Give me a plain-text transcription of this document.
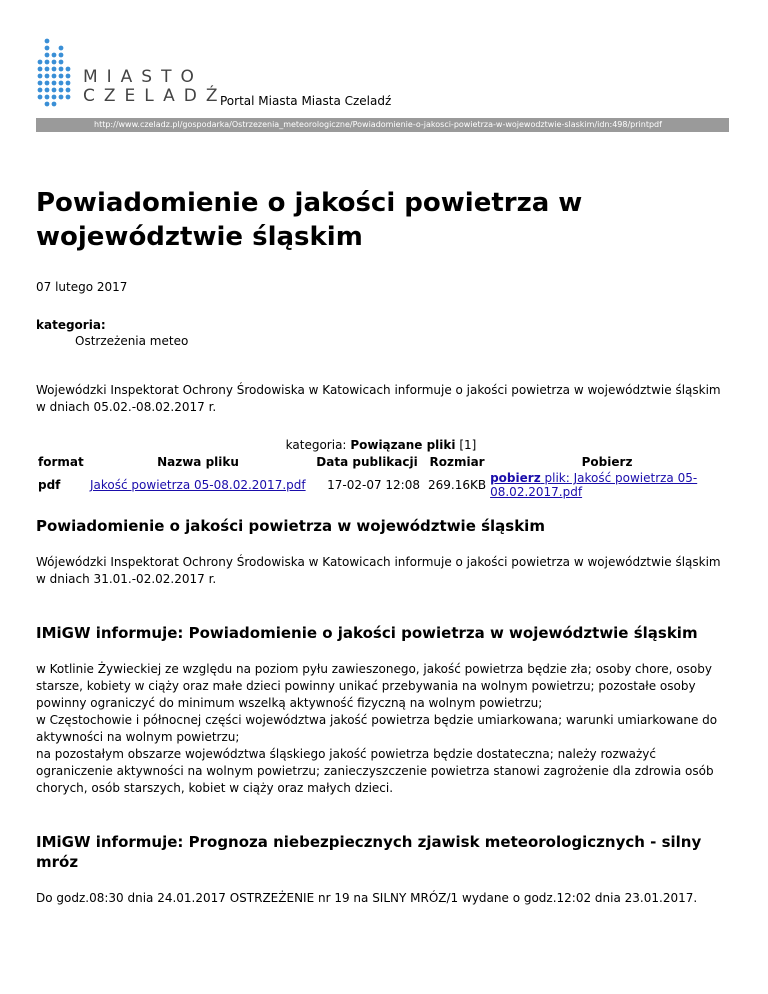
MIASTO
CZELADŹ
Portal Miasta Miasta Czeladź
http://www.czeladz.pl/gospodarka/Ostrzezenia_meteorologiczne/Powiadomienie-o-jakosci-powietrza-w-wojewodztwie-slaskim/idn:498/printpdf
Powiadomienie o jakości powietrza w województwie śląskim
07 lutego 2017
kategoria:
Ostrzeżenia meteo

Wojewódzki Inspektorat Ochrony Środowiska w Katowicach informuje o jakości powietrza w województwie śląskim w dniach 05.02.-08.02.2017 r.

kategoria: Powiązane pliki [1]
format	Nazwa pliku	Data publikacji	Rozmiar	Pobierz
pdf	Jakość powietrza 05-08.02.2017.pdf	17-02-07 12:08	269.16KB	pobierz plik: Jakość powietrza 05-08.02.2017.pdf
Powiadomienie o jakości powietrza w województwie śląskim

Wójewódzki Inspektorat Ochrony Środowiska w Katowicach informuje o jakości powietrza w województwie śląskim w dniach 31.01.-02.02.2017 r.

IMiGW informuje: Powiadomienie o jakości powietrza w województwie śląskim

w Kotlinie Żywieckiej ze względu na poziom pyłu zawieszonego, jakość powietrza będzie zła; osoby chore, osoby starsze, kobiety w ciąży oraz małe dzieci powinny unikać przebywania na wolnym powietrzu; pozostałe osoby powinny ograniczyć do minimum wszelką aktywność fizyczną na wolnym powietrzu;

w Częstochowie i północnej części województwa jakość powietrza będzie umiarkowana; warunki umiarkowane do aktywności na wolnym powietrzu;

na pozostałym obszarze województwa śląskiego jakość powietrza będzie dostateczna; należy rozważyć ograniczenie aktywności na wolnym powietrzu; zanieczyszczenie powietrza stanowi zagrożenie dla zdrowia osób chorych, osób starszych, kobiet w ciąży oraz małych dzieci.

IMiGW informuje: Prognoza niebezpiecznych zjawisk meteorologicznych - silny mróz

Do godz.08:30 dnia 24.01.2017 OSTRZEŻENIE nr 19 na SILNY MRÓZ/1 wydane o godz.12:02 dnia 23.01.2017.
